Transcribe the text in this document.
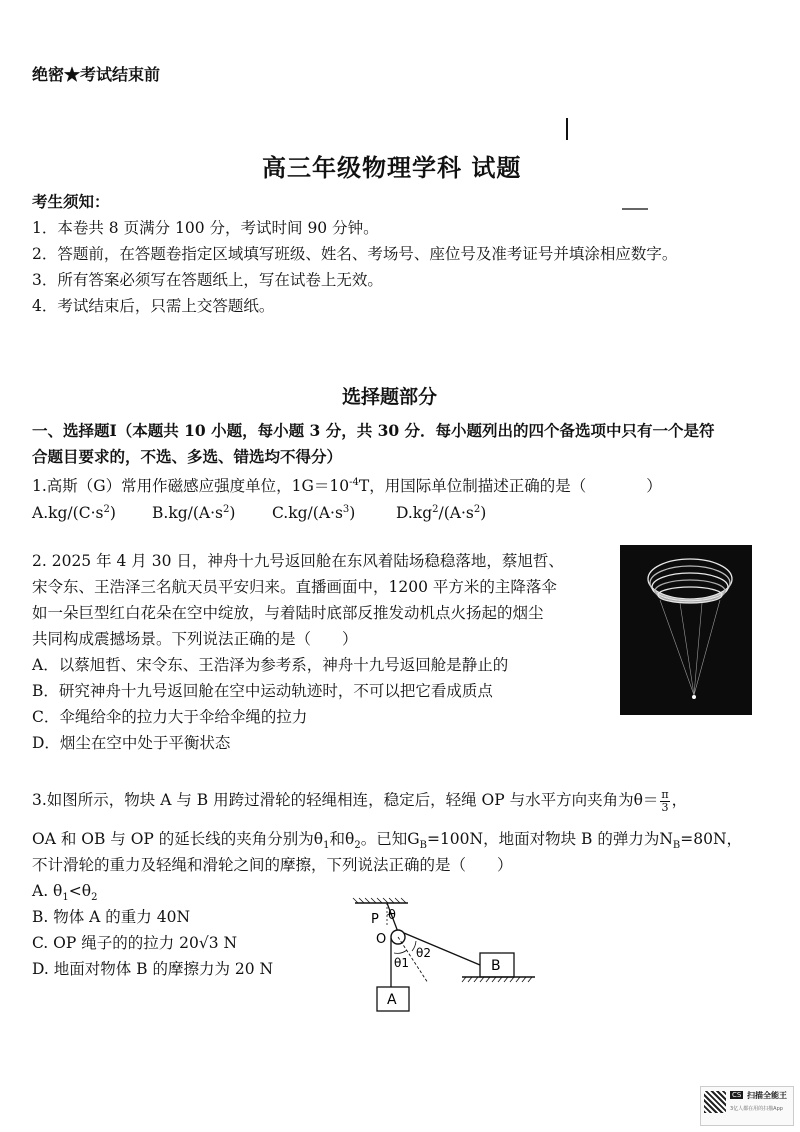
绝密★考试结束前
高三年级物理学科 试题
考生须知：
1．本卷共 8 页满分 100 分，考试时间 90 分钟。
2．答题前，在答题卷指定区域填写班级、姓名、考场号、座位号及准考证号并填涂相应数字。
3．所有答案必须写在答题纸上，写在试卷上无效。
4．考试结束后，只需上交答题纸。
选择题部分
一、选择题Ⅰ（本题共 10 小题，每小题 3 分，共 30 分．每小题列出的四个备选项中只有一个是符
合题目要求的，不选、多选、错选均不得分）
1.高斯（G）常用作磁感应强度单位，$1G=10^{-4}T$，用国际单位制描述正确的是（	）
$A.kg/(C\cdot s^2)$ $B.kg/(A\cdot s^2)$ $C.kg/(A\cdot s^3)$	$D.kg^2/(A\cdot s^2)$
2. 2025 年 4 月 30 日，神舟十九号返回舱在东风着陆场稳稳落地，蔡旭哲、
宋令东、王浩泽三名航天员平安归来。直播画面中，1200 平方米的主降落伞
如一朵巨型红白花朵在空中绽放，与着陆时底部反推发动机点火扬起的烟尘
共同构成震撼场景。下列说法正确的是（　　）
A．以蔡旭哲、宋令东、王浩泽为参考系，神舟十九号返回舱是静止的
B．研究神舟十九号返回舱在空中运动轨迹时，不可以把它看成质点
C．伞绳给伞的拉力大于伞给伞绳的拉力
D．烟尘在空中处于平衡状态
3.如图所示，物块 A 与 B 用跨过滑轮的轻绳相连，稳定后，轻绳 OP 与水平方向夹角为$\theta= \frac{\pi}{3}$ ，
OA 和 OB 与 OP 的延长线的夹角分别为$\theta_1$和$\theta_2$。已知$G_B=100N$，地面对物块 B 的弹力为$N_B=80N$，
不计滑轮的重力及轻绳和滑轮之间的摩擦，下列说法正确的是（　　）
A. $\theta_1<\theta_2$
B. 物体 A 的重力 40N
C. OP 绳子的的拉力 20√3 N
D. 地面对物体 B 的摩擦力为 20 N
P θ
O
θ1
θ2
A
B
CS 扫描全能王
3亿人都在用的扫描App
